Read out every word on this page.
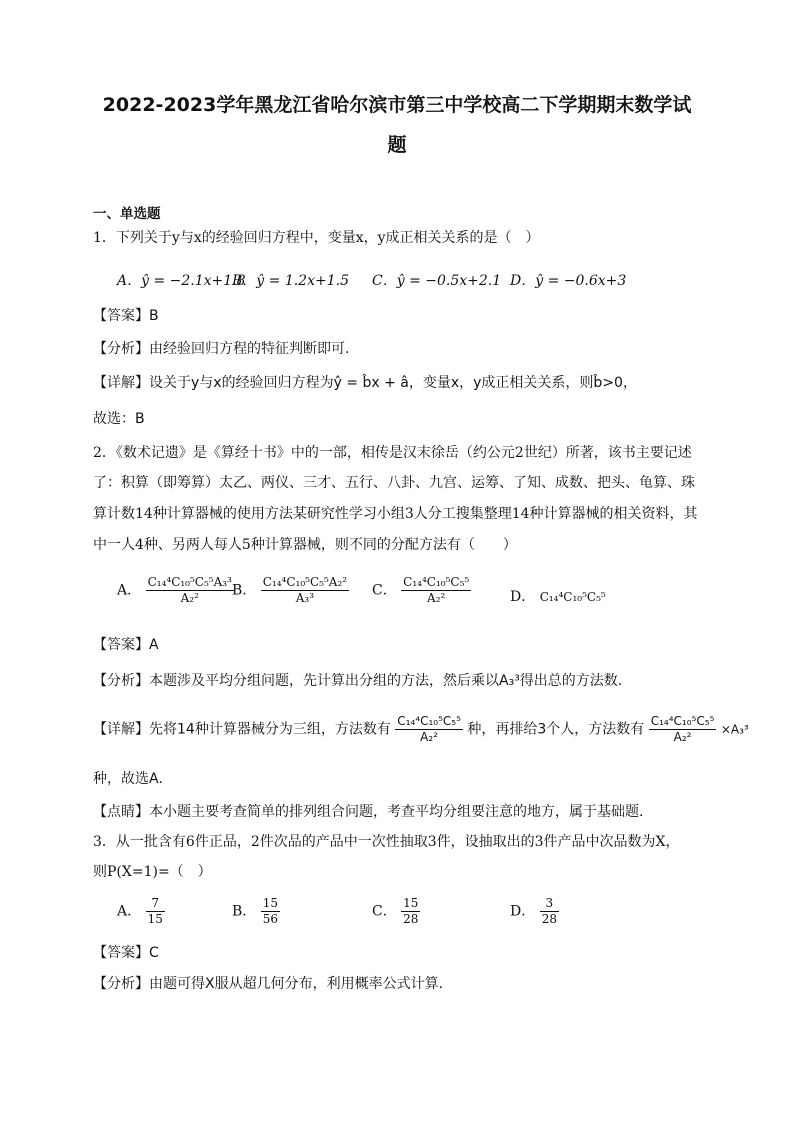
2022-2023学年黑龙江省哈尔滨市第三中学校高二下学期期末数学试
题
一、单选题
1．下列关于y与x的经验回归方程中，变量x，y成正相关关系的是（　）
A．ŷ = −2.1x+1.8
B．ŷ = 1.2x+1.5 C．ŷ = −0.5x+2.1 D．ŷ = −0.6x+3
【答案】B
【分析】由经验回归方程的特征判断即可.
【详解】设关于y与x的经验回归方程为ŷ = b̂x + â，变量x，y成正相关关系，则b̂>0，
故选：B
2．《数术记遗》是《算经十书》中的一部，相传是汉末徐岳（约公元2世纪）所著，该书主要记述
了：积算（即筹算）太乙、两仪、三才、五行、八卦、九宫、运筹、了知、成数、把头、龟算、珠
算计数14种计算器械的使用方法某研究性学习小组3人分工搜集整理14种计算器械的相关资料，其
中一人4种、另两人每人5种计算器械，则不同的分配方法有（　　）
A． $\frac{\text{C₁₄⁴C₁₀⁵C₅⁵A₃³}}{\text{A₂²}}$
B． $\frac{\text{C₁₄⁴C₁₀⁵C₅⁵A₂²}}{\text{A₃³}}$ C． $\frac{\text{C₁₄⁴C₁₀⁵C₅⁵}}{\text{A₂²}}$	D． C₁₄⁴C₁₀⁵C₅⁵
【答案】A
【分析】本题涉及平均分组问题，先计算出分组的方法，然后乘以A₃³得出总的方法数.
【详解】先将14种计算器械分为三组，方法数有 $\frac{\text{C₁₄⁴C₁₀⁵C₅⁵}}{\text{A₂²}}$ 种，再排给3个人，方法数有 $\frac{\text{C₁₄⁴C₁₀⁵C₅⁵}}{\text{A₂²}} \times A_3^3$
种，故选A.
【点睛】本小题主要考查简单的排列组合问题，考查平均分组要注意的地方，属于基础题.
3．从一批含有6件正品，2件次品的产品中一次性抽取3件，设抽取出的3件产品中次品数为X，
则P(X=1)=（　）
A． $\frac{7}{15}$	B． $\frac{15}{56}$	C． $\frac{15}{28}$	D． $\frac{3}{28}$
【答案】C
【分析】由题可得X服从超几何分布，利用概率公式计算.
